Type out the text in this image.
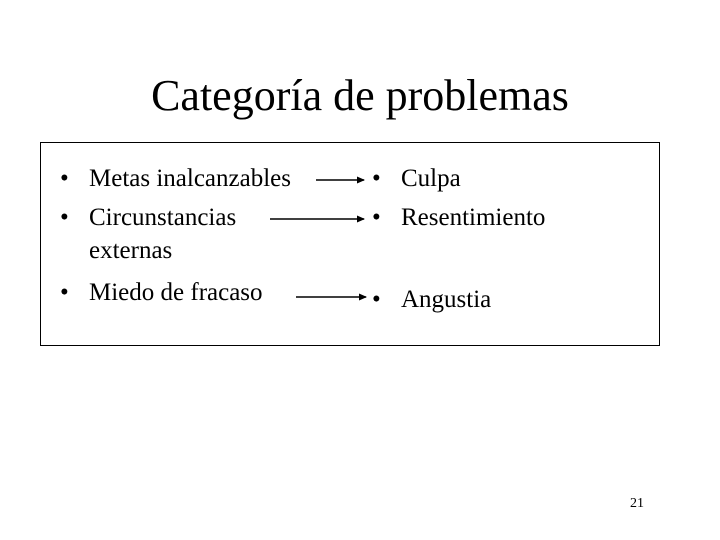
Categoría de problemas
• Metas inalcanzables
• Circunstancias
externas
• Miedo de fracaso
• Culpa
• Resentimiento
• Angustia
21
